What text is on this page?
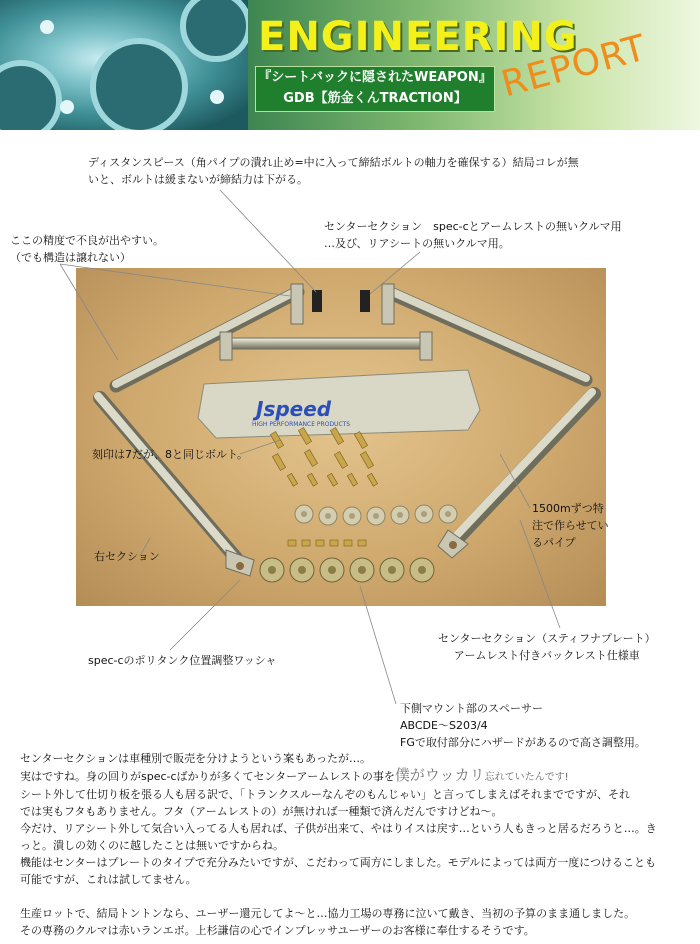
ENGINEERING
『シートバックに隠されたWEAPON』
GDB【筋金くんTRACTION】 REPORT
ディスタンスピース（角パイプの潰れ止め=中に入って締結ボルトの軸力を確保する）結局コレが無
いと、ボルトは緩まないが締結力は下がる。
ここの精度で不良が出やすい。
（でも構造は譲れない）
センターセクション　spec-cとアームレストの無いクルマ用
…及び、リアシートの無いクルマ用。
Jspeed
HIGH PERFORMANCE PRODUCTS
刻印は7だが、8と同じボルト。
1500mずつ特
注で作らせてい
るパイプ
右セクション
センターセクション（スティフナプレート）
アームレスト付きバックレスト仕様車
spec-cのポリタンク位置調整ワッシャ
下側マウント部のスペーサー
ABCDE～S203/4
FGで取付部分にハザードがあるので高さ調整用。

センターセクションは車種別で販売を分けようという案もあったが…。

実はですね。身の回りがspec-cばかりが多くてセンターアームレストの事を僕がウッカリ忘れていたんです!

シート外して仕切り板を張る人も居る訳で、「トランクスルーなんぞのもんじゃい」と言ってしまえばそれまでですが、それ

では実もフタもありません。フタ（アームレストの）が無ければ一種類で済んだんですけどね～。

今だけ、リアシート外して気合い入ってる人も居れば、子供が出来て、やはりイスは戻す…という人もきっと居るだろうと…。き

っと。潰しの効くのに越したことは無いですからね。

機能はセンターはプレートのタイプで充分みたいですが、こだわって両方にしました。モデルによっては両方一度につけることも

可能ですが、これは試してません。

生産ロットで、結局トントンなら、ユーザー還元してよ～と…協力工場の専務に泣いて戴き、当初の予算のまま通しました。

その専務のクルマは赤いランエボ。上杉謙信の心でインプレッサユーザーのお客様に奉仕するそうです。
